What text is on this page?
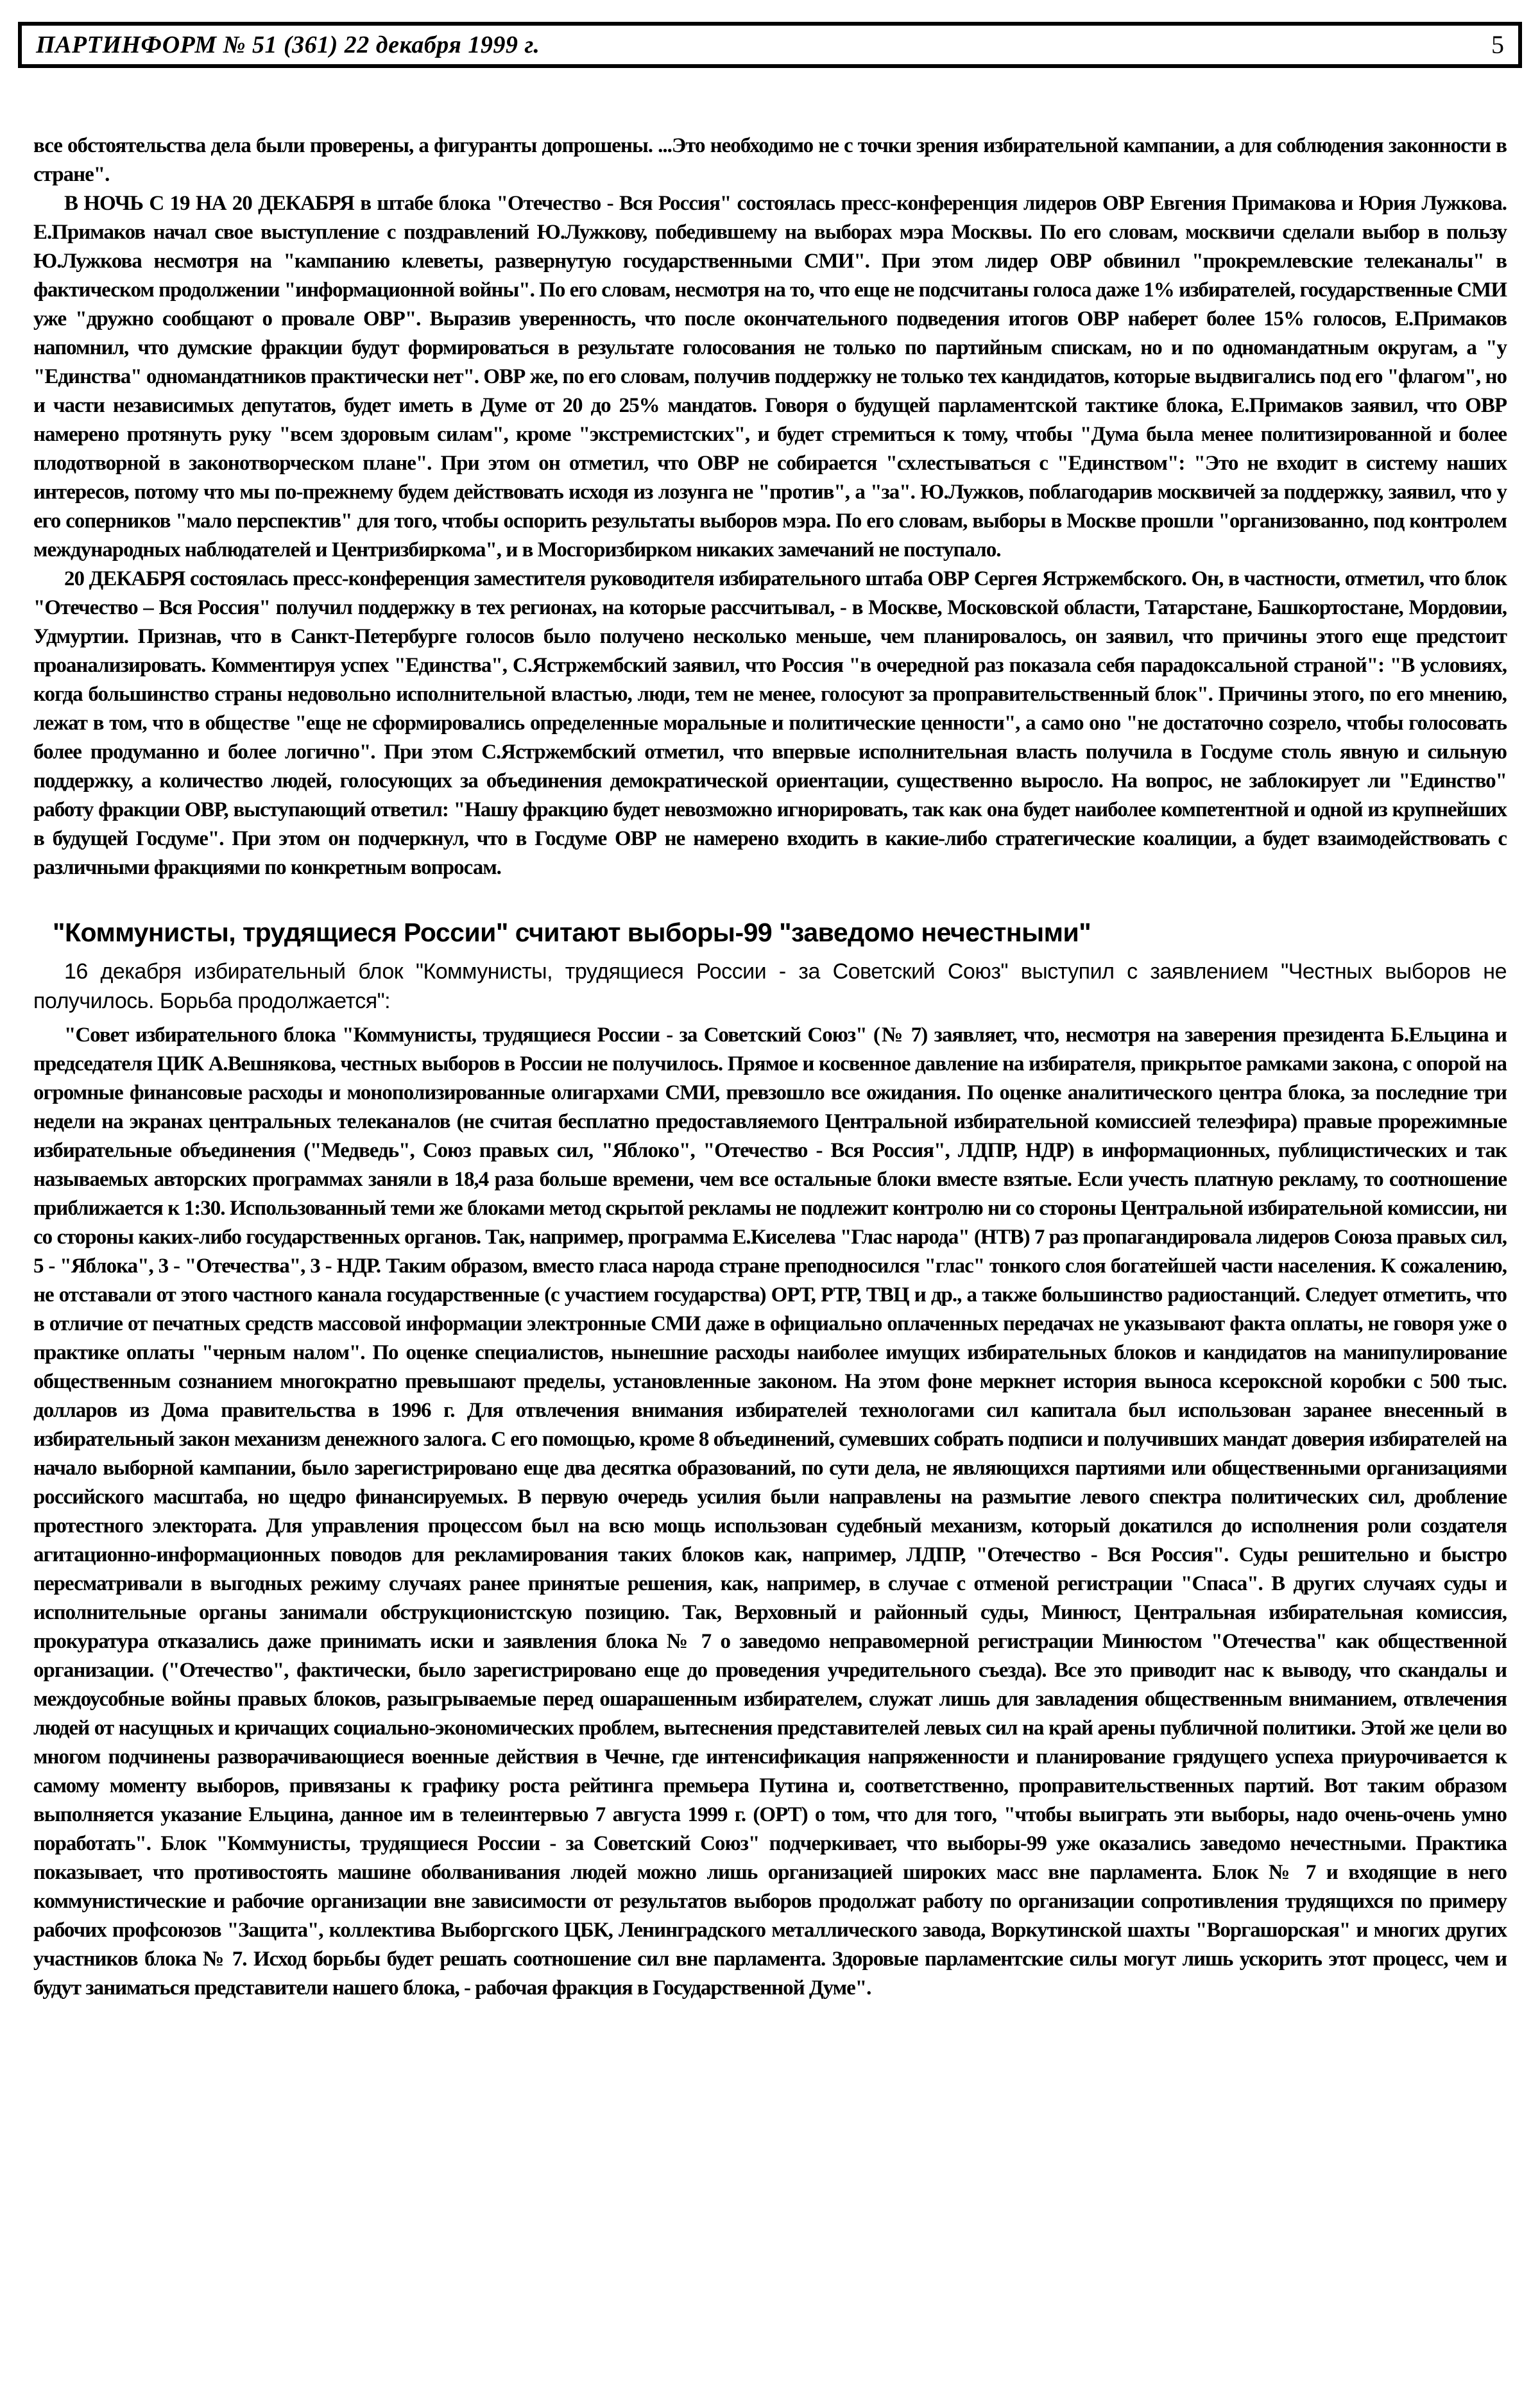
ПАРТИНФОРМ № 51 (361) 22 декабря 1999 г.	5

все обстоятельства дела были проверены, а фигуранты допрошены. ...Это необходимо не с точки зрения избирательной кампании, а для соблюдения законности в стране".

В НОЧЬ С 19 НА 20 ДЕКАБРЯ в штабе блока "Отечество - Вся Россия" состоялась пресс-конференция лидеров ОВР Евгения Примакова и Юрия Лужкова. Е.Примаков начал свое выступление с поздравлений Ю.Лужкову, победившему на выборах мэра Москвы. По его словам, москвичи сделали выбор в пользу Ю.Лужкова несмотря на "кампанию клеветы, развернутую государственными СМИ". При этом лидер ОВР обвинил "прокремлевские телеканалы" в фактическом продолжении "информационной войны". По его словам, несмотря на то, что еще не подсчитаны голоса даже 1% избирателей, государственные СМИ уже "дружно сообщают о провале ОВР". Выразив уверенность, что после окончательного подведения итогов ОВР наберет более 15% голосов, Е.Примаков напомнил, что думские фракции будут формироваться в результате голосования не только по партийным спискам, но и по одномандатным округам, а "у "Единства" одномандатников практически нет". ОВР же, по его словам, получив поддержку не только тех кандидатов, которые выдвигались под его "флагом", но и части независимых депутатов, будет иметь в Думе от 20 до 25% мандатов. Говоря о будущей парламентской тактике блока, Е.Примаков заявил, что ОВР намерено протянуть руку "всем здоровым силам", кроме "экстремистских", и будет стремиться к тому, чтобы "Дума была менее политизированной и более плодотворной в законотворческом плане". При этом он отметил, что ОВР не собирается "схлестываться с "Единством": "Это не входит в систему наших интересов, потому что мы по-прежнему будем действовать исходя из лозунга не "против", а "за". Ю.Лужков, поблагодарив москвичей за поддержку, заявил, что у его соперников "мало перспектив" для того, чтобы оспорить результаты выборов мэра. По его словам, выборы в Москве прошли "организованно, под контролем международных наблюдателей и Центризбиркома", и в Мосгоризбирком никаких замечаний не поступало.

20 ДЕКАБРЯ состоялась пресс-конференция заместителя руководителя избирательного штаба ОВР Сергея Ястржембского. Он, в частности, отметил, что блок "Отечество – Вся Россия" получил поддержку в тех регионах, на которые рассчитывал, - в Москве, Московской области, Татарстане, Башкортостане, Мордовии, Удмуртии. Признав, что в Санкт-Петербурге голосов было получено несколько меньше, чем планировалось, он заявил, что причины этого еще предстоит проанализировать. Комментируя успех "Единства", С.Ястржембский заявил, что Россия "в очередной раз показала себя парадоксальной страной": "В условиях, когда большинство страны недовольно исполнительной властью, люди, тем не менее, голосуют за проправительственный блок". Причины этого, по его мнению, лежат в том, что в обществе "еще не сформировались определенные моральные и политические ценности", а само оно "не достаточно созрело, чтобы голосовать более продуманно и более логично". При этом С.Ястржембский отметил, что впервые исполнительная власть получила в Госдуме столь явную и сильную поддержку, а количество людей, голосующих за объединения демократической ориентации, существенно выросло. На вопрос, не заблокирует ли "Единство" работу фракции ОВР, выступающий ответил: "Нашу фракцию будет невозможно игнорировать, так как она будет наиболее компетентной и одной из крупнейших в будущей Госдуме". При этом он подчеркнул, что в Госдуме ОВР не намерено входить в какие-либо стратегические коалиции, а будет взаимодействовать с различными фракциями по конкретным вопросам.

"Коммунисты, трудящиеся России" считают выборы-99 "заведомо нечестными"

16 декабря избирательный блок "Коммунисты, трудящиеся России - за Советский Союз" выступил с заявлением "Честных выборов не получилось. Борьба продолжается":

"Совет избирательного блока "Коммунисты, трудящиеся России - за Советский Союз" (№ 7) заявляет, что, несмотря на заверения президента Б.Ельцина и председателя ЦИК А.Вешнякова, честных выборов в России не получилось. Прямое и косвенное давление на избирателя, прикрытое рамками закона, с опорой на огромные финансовые расходы и монополизированные олигархами СМИ, превзошло все ожидания. По оценке аналитического центра блока, за последние три недели на экранах центральных телеканалов (не считая бесплатно предоставляемого Центральной избирательной комиссией телеэфира) правые прорежимные избирательные объединения ("Медведь", Союз правых сил, "Яблоко", "Отечество - Вся Россия", ЛДПР, НДР) в информационных, публицистических и так называемых авторских программах заняли в 18,4 раза больше времени, чем все остальные блоки вместе взятые. Если учесть платную рекламу, то соотношение приближается к 1:30. Использованный теми же блоками метод скрытой рекламы не подлежит контролю ни со стороны Центральной избирательной комиссии, ни со стороны каких-либо государственных органов. Так, например, программа Е.Киселева "Глас народа" (НТВ) 7 раз пропагандировала лидеров Союза правых сил, 5 - "Яблока", 3 - "Отечества", 3 - НДР. Таким образом, вместо гласа народа стране преподносился "глас" тонкого слоя богатейшей части населения. К сожалению, не отставали от этого частного канала государственные (с участием государства) ОРТ, РТР, ТВЦ и др., а также большинство радиостанций. Следует отметить, что в отличие от печатных средств массовой информации электронные СМИ даже в официально оплаченных передачах не указывают факта оплаты, не говоря уже о практике оплаты "черным налом". По оценке специалистов, нынешние расходы наиболее имущих избирательных блоков и кандидатов на манипулирование общественным сознанием многократно превышают пределы, установленные законом. На этом фоне меркнет история выноса ксероксной коробки с 500 тыс. долларов из Дома правительства в 1996 г. Для отвлечения внимания избирателей технологами сил капитала был использован заранее внесенный в избирательный закон механизм денежного залога. С его помощью, кроме 8 объединений, сумевших собрать подписи и получивших мандат доверия избирателей на начало выборной кампании, было зарегистрировано еще два десятка образований, по сути дела, не являющихся партиями или общественными организациями российского масштаба, но щедро финансируемых. В первую очередь усилия были направлены на размытие левого спектра политических сил, дробление протестного электората. Для управления процессом был на всю мощь использован судебный механизм, который докатился до исполнения роли создателя агитационно-информационных поводов для рекламирования таких блоков как, например, ЛДПР, "Отечество - Вся Россия". Суды решительно и быстро пересматривали в выгодных режиму случаях ранее принятые решения, как, например, в случае с отменой регистрации "Спаса". В других случаях суды и исполнительные органы занимали обструкционистскую позицию. Так, Верховный и районный суды, Минюст, Центральная избирательная комиссия, прокуратура отказались даже принимать иски и заявления блока № 7 о заведомо неправомерной регистрации Минюстом "Отечества" как общественной организации. ("Отечество", фактически, было зарегистрировано еще до проведения учредительного съезда). Все это приводит нас к выводу, что скандалы и междоусобные войны правых блоков, разыгрываемые перед ошарашенным избирателем, служат лишь для завладения общественным вниманием, отвлечения людей от насущных и кричащих социально-экономических проблем, вытеснения представителей левых сил на край арены публичной политики. Этой же цели во многом подчинены разворачивающиеся военные действия в Чечне, где интенсификация напряженности и планирование грядущего успеха приурочивается к самому моменту выборов, привязаны к графику роста рейтинга премьера Путина и, соответственно, проправительственных партий. Вот таким образом выполняется указание Ельцина, данное им в телеинтервью 7 августа 1999 г. (ОРТ) о том, что для того, "чтобы выиграть эти выборы, надо очень-очень умно поработать". Блок "Коммунисты, трудящиеся России - за Советский Союз" подчеркивает, что выборы-99 уже оказались заведомо нечестными. Практика показывает, что противостоять машине оболванивания людей можно лишь организацией широких масс вне парламента. Блок № 7 и входящие в него коммунистические и рабочие организации вне зависимости от результатов выборов продолжат работу по организации сопротивления трудящихся по примеру рабочих профсоюзов "Защита", коллектива Выборгского ЦБК, Ленинградского металлического завода, Воркутинской шахты "Воргашорская" и многих других участников блока № 7. Исход борьбы будет решать соотношение сил вне парламента. Здоровые парламентские силы могут лишь ускорить этот процесс, чем и будут заниматься представители нашего блока, - рабочая фракция в Государственной Думе".
